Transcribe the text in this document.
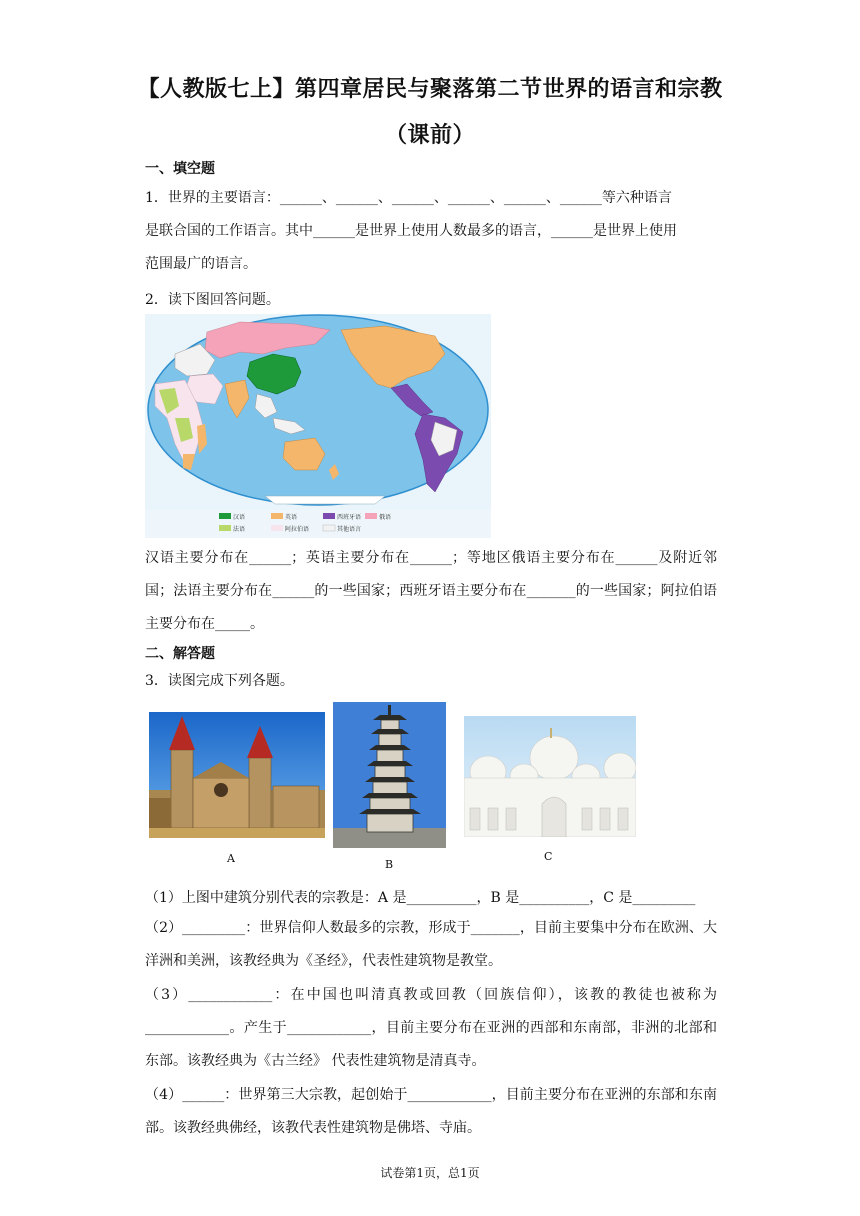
【人教版七上】第四章居民与聚落第二节世界的语言和宗教
（课前）
一、填空题
1．世界的主要语言：______、______、______、______、______、______等六种语言
是联合国的工作语言。其中______是世界上使用人数最多的语言，______是世界上使用
范围最广的语言。
2．读下图回答问题。
汉语	英语	西班牙语	俄语
法语	阿拉伯语	其他语言
汉语主要分布在______；英语主要分布在______；等地区俄语主要分布在______及附近邻国；法语主要分布在______的一些国家；西班牙语主要分布在_______的一些国家；阿拉伯语主要分布在_____。
二、解答题
3．读图完成下列各题。
A	B
C
（1）上图中建筑分别代表的宗教是：A 是__________，B 是__________，C 是_________
（2）_________：世界信仰人数最多的宗教，形成于_______，目前主要集中分布在欧洲、大洋洲和美洲，该教经典为《圣经》，代表性建筑物是教堂。
（3）____________：在中国也叫清真教或回教（回族信仰），该教的教徒也被称为____________。产生于____________，目前主要分布在亚洲的西部和东南部，非洲的北部和东部。该教经典为《古兰经》 代表性建筑物是清真寺。
（4）______：世界第三大宗教，起创始于____________，目前主要分布在亚洲的东部和东南部。该教经典佛经，该教代表性建筑物是佛塔、寺庙。
试卷第1页，总1页
